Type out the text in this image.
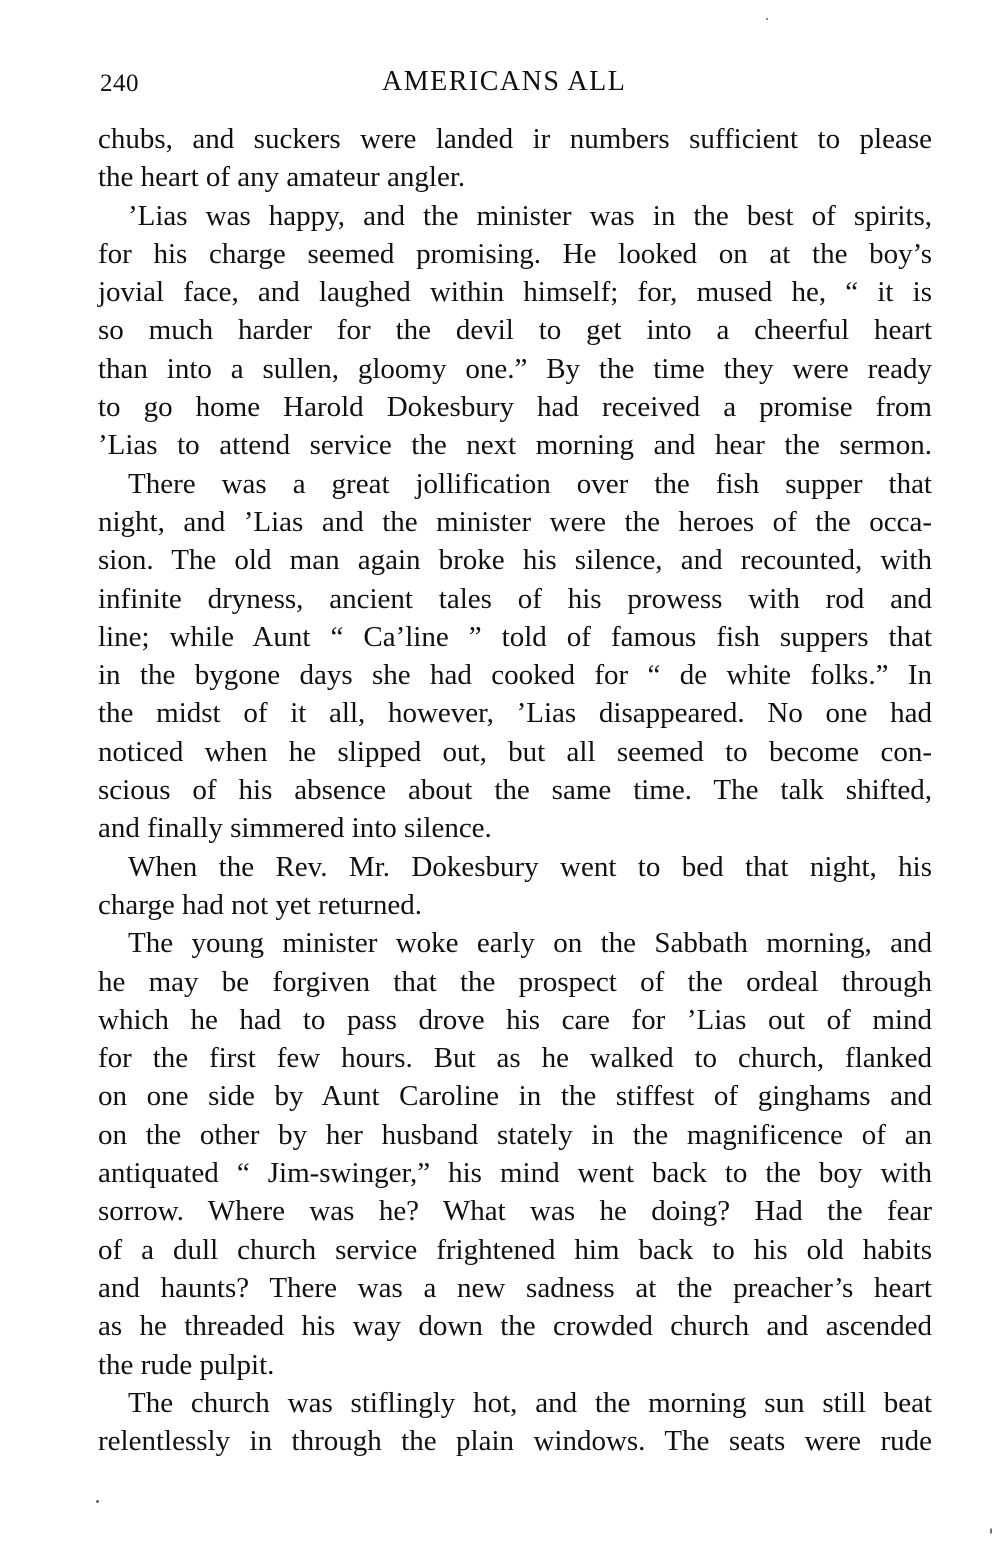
240	AMERICANS ALL
chubs, and suckers were landed ir numbers sufficient to please
the heart of any amateur angler.
’Lias was happy, and the minister was in the best of spirits,
for his charge seemed promising. He looked on at the boy’s
jovial face, and laughed within himself; for, mused he, “ it is
so much harder for the devil to get into a cheerful heart
than into a sullen, gloomy one.” By the time they were ready
to go home Harold Dokesbury had received a promise from
’Lias to attend service the next morning and hear the sermon.
There was a great jollification over the fish supper that
night, and ’Lias and the minister were the heroes of the occa-
sion. The old man again broke his silence, and recounted, with
infinite dryness, ancient tales of his prowess with rod and
line; while Aunt “ Ca’line ” told of famous fish suppers that
in the bygone days she had cooked for “ de white folks.” In
the midst of it all, however, ’Lias disappeared. No one had
noticed when he slipped out, but all seemed to become con-
scious of his absence about the same time. The talk shifted,
and finally simmered into silence.
When the Rev. Mr. Dokesbury went to bed that night, his
charge had not yet returned.
The young minister woke early on the Sabbath morning, and
he may be forgiven that the prospect of the ordeal through
which he had to pass drove his care for ’Lias out of mind
for the first few hours. But as he walked to church, flanked
on one side by Aunt Caroline in the stiffest of ginghams and
on the other by her husband stately in the magnificence of an
antiquated “ Jim-swinger,” his mind went back to the boy with
sorrow. Where was he? What was he doing? Had the fear
of a dull church service frightened him back to his old habits
and haunts? There was a new sadness at the preacher’s heart
as he threaded his way down the crowded church and ascended
the rude pulpit.
The church was stiflingly hot, and the morning sun still beat
relentlessly in through the plain windows. The seats were rude
